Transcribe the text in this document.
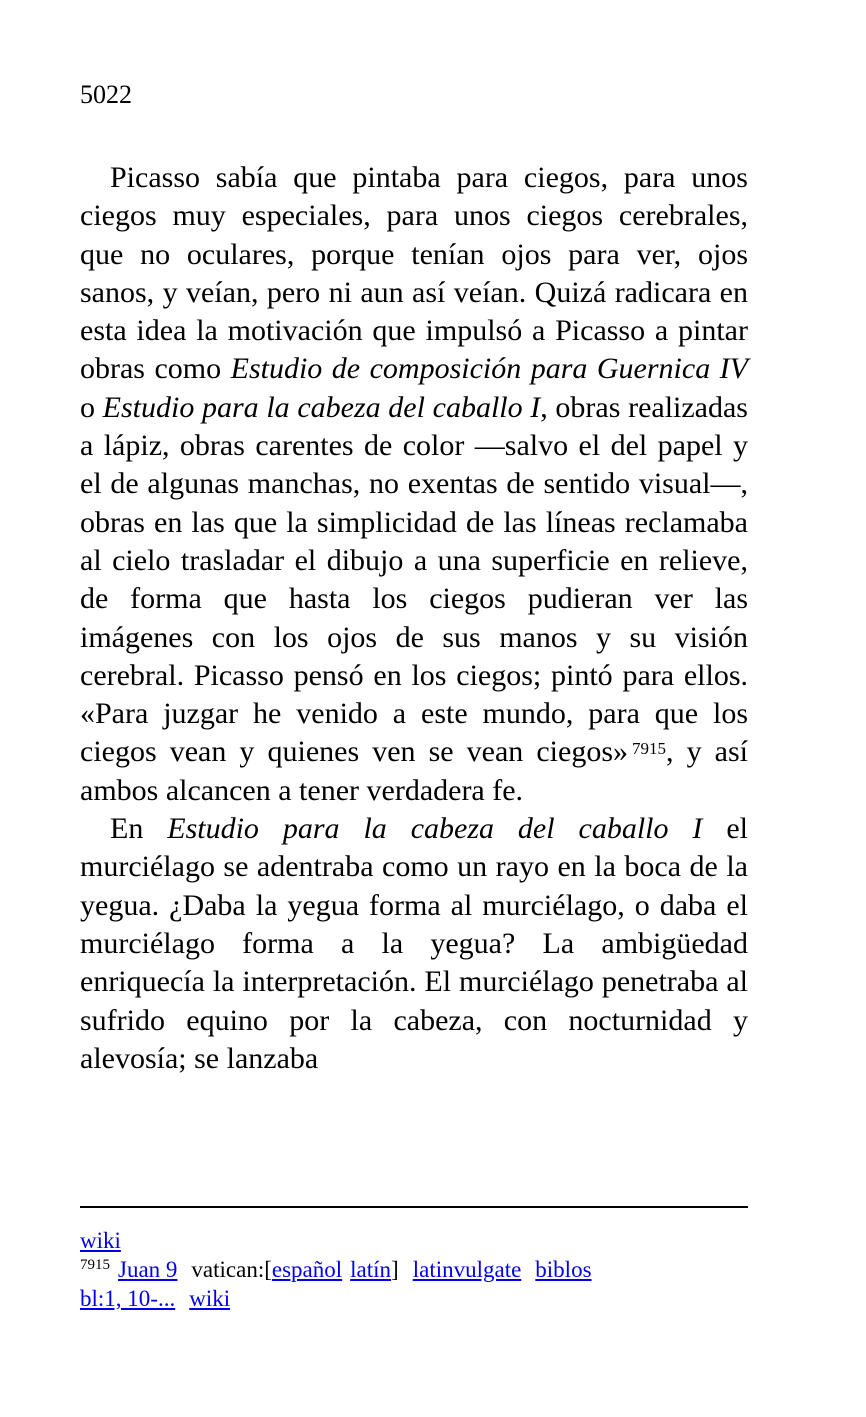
5022

Picasso sabía que pintaba para ciegos, para unos ciegos muy especiales, para unos ciegos cerebrales, que no oculares, porque tenían ojos para ver, ojos sanos, y veían, pero ni aun así veían. Quizá radicara en esta idea la motivación que impulsó a Picasso a pintar obras como Estudio de composición para Guernica IV o Estudio para la cabeza del caballo I, obras realizadas a lápiz, obras carentes de color —salvo el del papel y el de algunas manchas, no exentas de sentido visual—, obras en las que la simplicidad de las líneas reclamaba al cielo trasladar el dibujo a una superficie en relieve, de forma que hasta los ciegos pudieran ver las imágenes con los ojos de sus manos y su visión cerebral. Picasso pensó en los ciegos; pintó para ellos. «Para juzgar he venido a este mundo, para que los ciegos vean y quienes ven se vean ciegos» $^{7915}$, y así ambos alcancen a tener verdadera fe.

En Estudio para la cabeza del caballo I el murciélago se adentraba como un rayo en la boca de la yegua. ¿Daba la yegua forma al murciélago, o daba el murciélago forma a la yegua? La ambigüedad enriquecía la interpretación. El murciélago penetraba al sufrido equino por la cabeza, con nocturnidad y alevosía; se lanzaba

wiki
$^{7915}$ Juan 9 vatican:[español latín] latinvulgate biblos
bl:1, 10-... wiki
